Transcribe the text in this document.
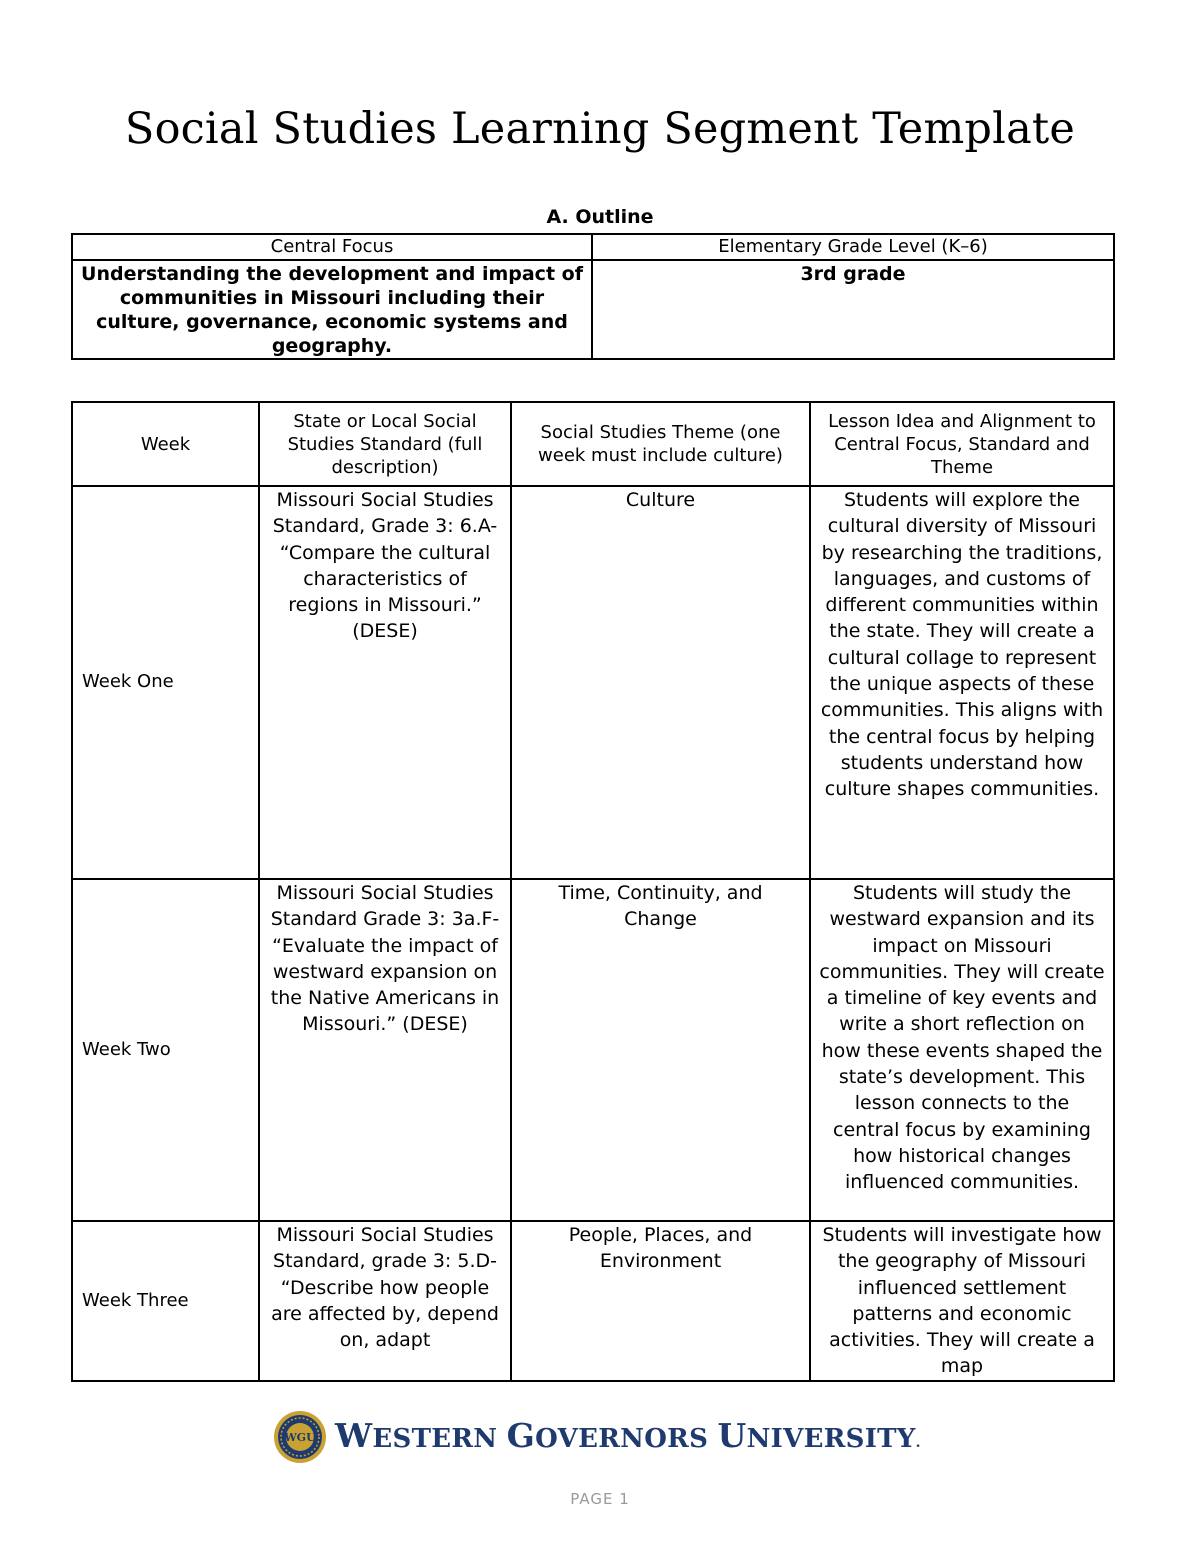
Social Studies Learning Segment Template
A. Outline
Central Focus	Elementary Grade Level (K–6)
Understanding the development and impact of communities in Missouri including their culture, governance, economic systems and geography.	3rd grade
Week	State or Local Social Studies Standard (full description)	Social Studies Theme (one week must include culture)	Lesson Idea and Alignment to Central Focus, Standard and Theme
Week One	Missouri Social Studies Standard, Grade 3: 6.A- “Compare the cultural characteristics of regions in Missouri.” (DESE)	Culture	Students will explore the cultural diversity of Missouri by researching the traditions, languages, and customs of different communities within the state. They will create a cultural collage to represent the unique aspects of these communities. This aligns with the central focus by helping students understand how culture shapes communities.
Week Two	Missouri Social Studies Standard Grade 3: 3a.F- “Evaluate the impact of westward expansion on the Native Americans in Missouri.” (DESE)	Time, Continuity, and Change	Students will study the westward expansion and its impact on Missouri communities. They will create a timeline of key events and write a short reflection on how these events shaped the state’s development. This lesson connects to the central focus by examining how historical changes influenced communities.
Week Three	Missouri Social Studies Standard, grade 3: 5.D- “Describe how people are affected by, depend on, adapt	People, Places, and Environment	Students will investigate how the geography of Missouri influenced settlement patterns and economic activities. They will create a map
WGU WESTERN GOVERNORS UNIVERSITY.
PAGE 1
